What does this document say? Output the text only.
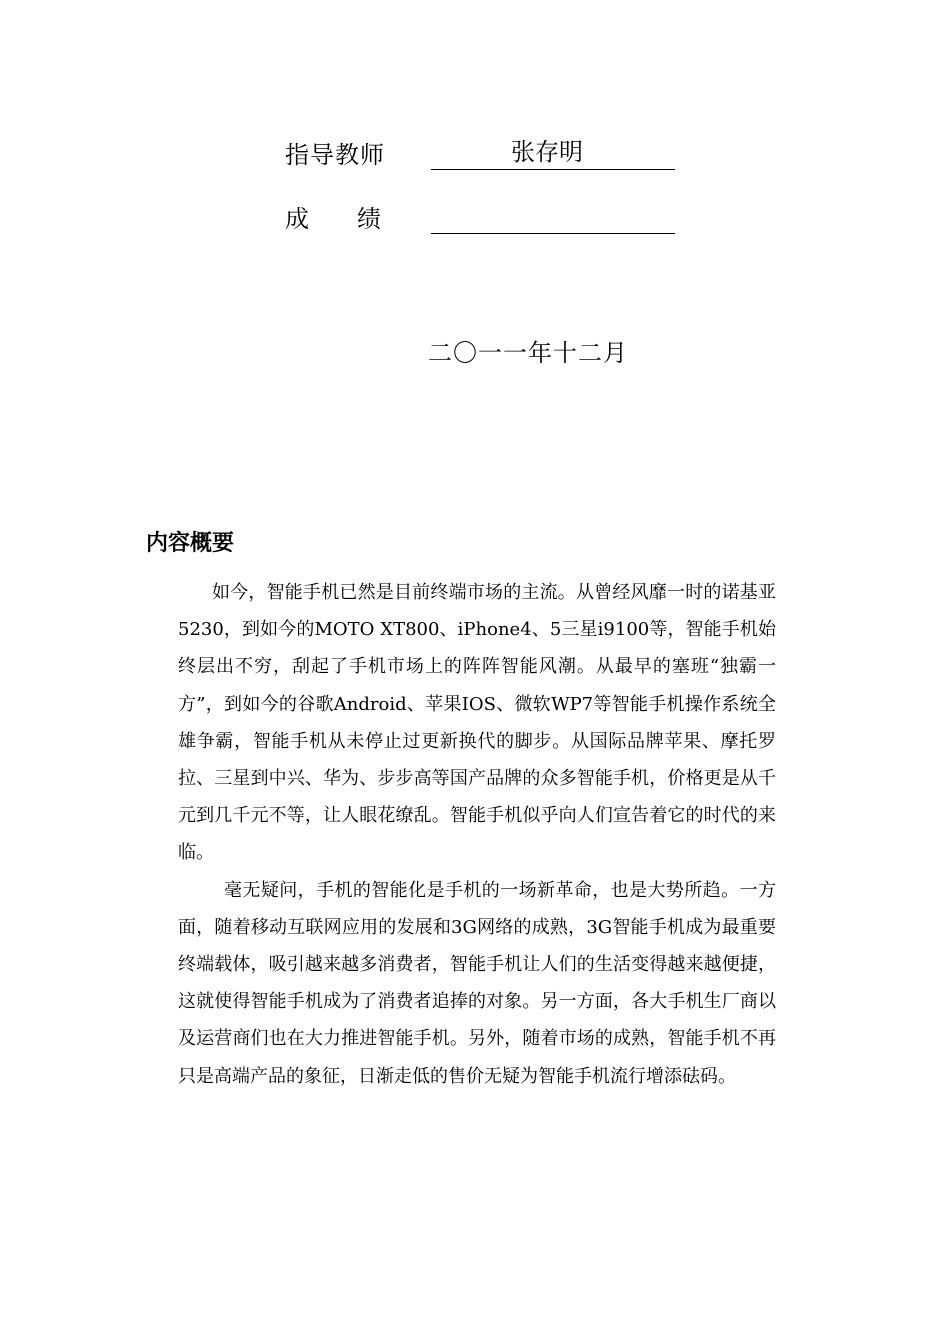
指导教师	张存明
成绩
二〇一一年十二月
内容概要

如今，智能手机已然是目前终端市场的主流。从曾经风靡一时的诺基亚5230，到如今的MOTO XT800、iPhone4、5三星i9100等，智能手机始终层出不穷，刮起了手机市场上的阵阵智能风潮。从最早的塞班“独霸一方”，到如今的谷歌Android、苹果IOS、微软WP7等智能手机操作系统全雄争霸，智能手机从未停止过更新换代的脚步。从国际品牌苹果、摩托罗拉、三星到中兴、华为、步步高等国产品牌的众多智能手机，价格更是从千元到几千元不等，让人眼花缭乱。智能手机似乎向人们宣告着它的时代的来临。

毫无疑问，手机的智能化是手机的一场新革命，也是大势所趋。一方面，随着移动互联网应用的发展和3G网络的成熟，3G智能手机成为最重要终端载体，吸引越来越多消费者，智能手机让人们的生活变得越来越便捷，这就使得智能手机成为了消费者追捧的对象。另一方面，各大手机生厂商以及运营商们也在大力推进智能手机。另外，随着市场的成熟，智能手机不再只是高端产品的象征，日渐走低的售价无疑为智能手机流行增添砝码。
